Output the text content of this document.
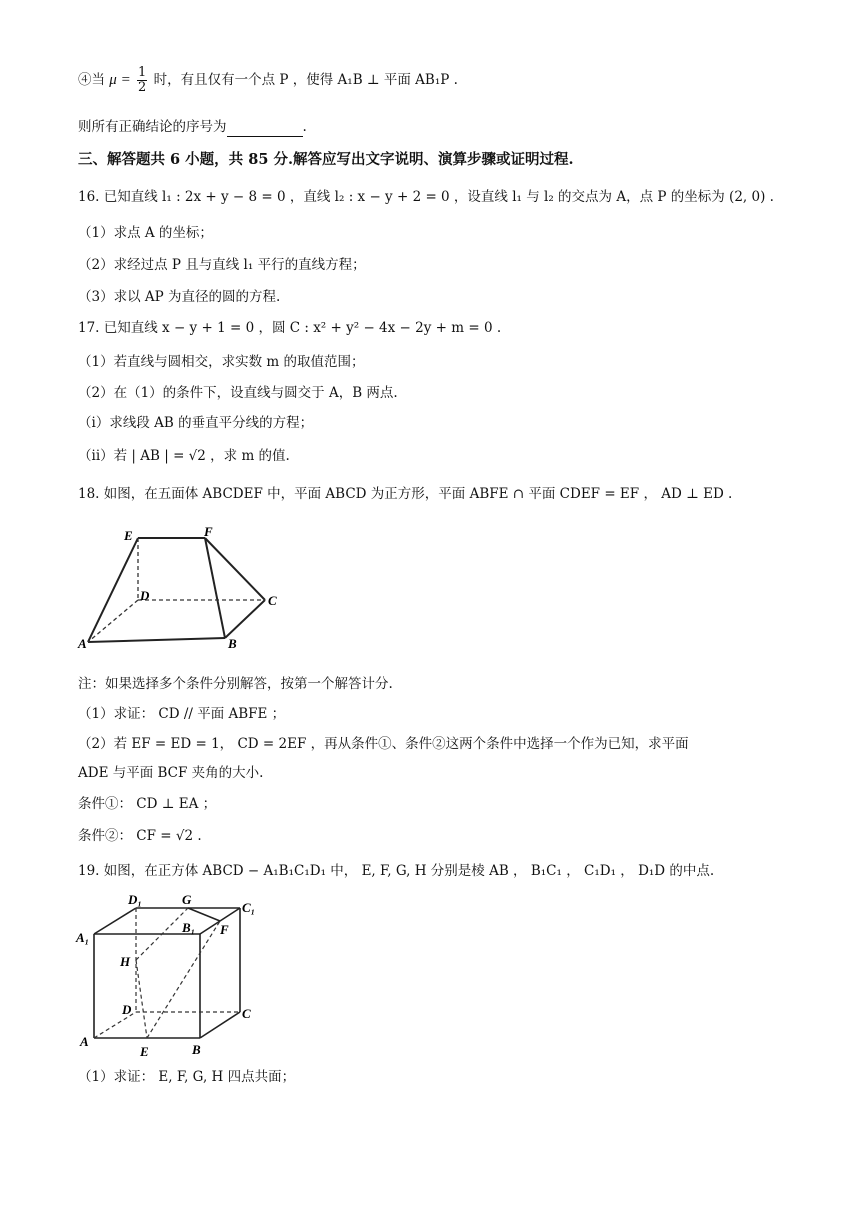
④当 $\mu = \frac{1}{2}$ 时，有且仅有一个点 P ，使得 A₁B ⊥ 平面 AB₁P .
则所有正确结论的序号为	.
三、解答题共 6 小题，共 85 分.解答应写出文字说明、演算步骤或证明过程.
16. 已知直线 l₁ : 2x + y − 8 = 0 ，直线 l₂ : x − y + 2 = 0 ，设直线 l₁ 与 l₂ 的交点为 A，点 P 的坐标为 (2, 0) .
（1）求点 A 的坐标；
（2）求经过点 P 且与直线 l₁ 平行的直线方程；
（3）求以 AP 为直径的圆的方程.
17. 已知直线 x − y + 1 = 0 ，圆 C : x² + y² − 4x − 2y + m = 0 .
（1）若直线与圆相交，求实数 m 的取值范围；
（2）在（1）的条件下，设直线与圆交于 A，B 两点.
（i）求线段 AB 的垂直平分线的方程；
（ii）若 | AB | = √2 ，求 m 的值.
18. 如图，在五面体 ABCDEF 中，平面 ABCD 为正方形，平面 ABFE ∩ 平面 CDEF = EF ， AD ⊥ ED .
E	F
D	C
A	B
注：如果选择多个条件分别解答，按第一个解答计分.
（1）求证： CD // 平面 ABFE ；
（2）若 EF = ED = 1， CD = 2EF ，再从条件①、条件②这两个条件中选择一个作为已知，求平面
ADE 与平面 BCF 夹角的大小.
条件①： CD ⊥ EA ；
条件②： CF = √2 .
19. 如图，在正方体 ABCD − A₁B₁C₁D₁ 中， E, F, G, H 分别是棱 AB ， B₁C₁ ， C₁D₁ ， D₁D 的中点.
D₁	G
C₁
A₁
B₁ F
H
D	C
A
E	B
（1）求证： E, F, G, H 四点共面；
